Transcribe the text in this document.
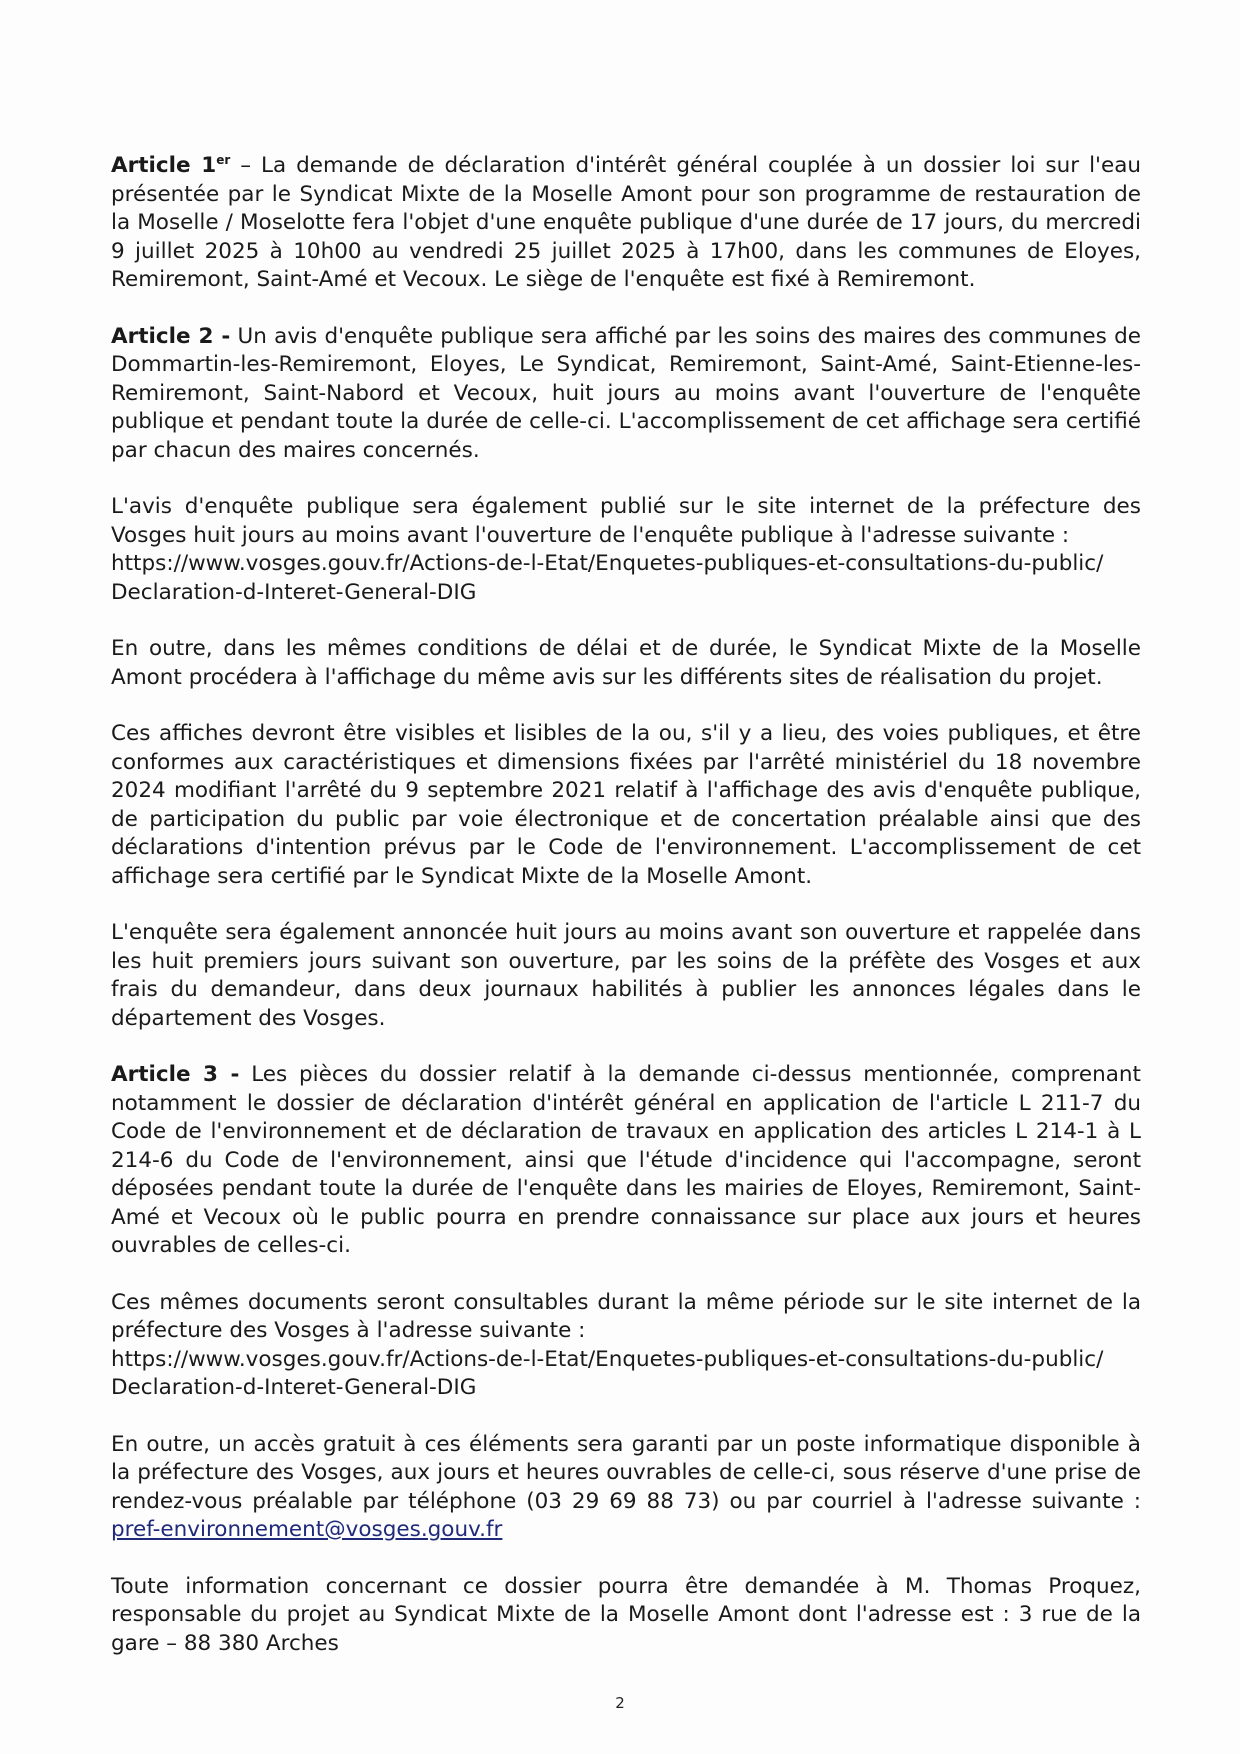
Article 1er – La demande de déclaration d'intérêt général couplée à un dossier loi sur l'eau présentée par le Syndicat Mixte de la Moselle Amont pour son programme de restauration de la Moselle / Moselotte fera l'objet d'une enquête publique d'une durée de 17 jours, du mercredi 9 juillet 2025 à 10h00 au vendredi 25 juillet 2025 à 17h00, dans les communes de Eloyes, Remiremont, Saint-Amé et Vecoux. Le siège de l'enquête est fixé à Remiremont.

Article 2 - Un avis d'enquête publique sera affiché par les soins des maires des communes de Dommartin-les-Remiremont, Eloyes, Le Syndicat, Remiremont, Saint-Amé, Saint-Etienne-les-Remiremont, Saint-Nabord et Vecoux, huit jours au moins avant l'ouverture de l'enquête publique et pendant toute la durée de celle-ci. L'accomplissement de cet affichage sera certifié par chacun des maires concernés.

L'avis d'enquête publique sera également publié sur le site internet de la préfecture des Vosges huit jours au moins avant l'ouverture de l'enquête publique à l'adresse suivante :
https://www.vosges.gouv.fr/Actions-de-l-Etat/Enquetes-publiques-et-consultations-du-public/
Declaration-d-Interet-General-DIG

En outre, dans les mêmes conditions de délai et de durée, le Syndicat Mixte de la Moselle Amont procédera à l'affichage du même avis sur les différents sites de réalisation du projet.

Ces affiches devront être visibles et lisibles de la ou, s'il y a lieu, des voies publiques, et être conformes aux caractéristiques et dimensions fixées par l'arrêté ministériel du 18 novembre 2024 modifiant l'arrêté du 9 septembre 2021 relatif à l'affichage des avis d'enquête publique, de participation du public par voie électronique et de concertation préalable ainsi que des déclarations d'intention prévus par le Code de l'environnement. L'accomplissement de cet affichage sera certifié par le Syndicat Mixte de la Moselle Amont.

L'enquête sera également annoncée huit jours au moins avant son ouverture et rappelée dans les huit premiers jours suivant son ouverture, par les soins de la préfète des Vosges et aux frais du demandeur, dans deux journaux habilités à publier les annonces légales dans le département des Vosges.

Article 3 - Les pièces du dossier relatif à la demande ci-dessus mentionnée, comprenant notamment le dossier de déclaration d'intérêt général en application de l'article L 211-7 du Code de l'environnement et de déclaration de travaux en application des articles L 214-1 à L 214-6 du Code de l'environnement, ainsi que l'étude d'incidence qui l'accompagne, seront déposées pendant toute la durée de l'enquête dans les mairies de Eloyes, Remiremont, Saint-Amé et Vecoux où le public pourra en prendre connaissance sur place aux jours et heures ouvrables de celles-ci.

Ces mêmes documents seront consultables durant la même période sur le site internet de la préfecture des Vosges à l'adresse suivante :
https://www.vosges.gouv.fr/Actions-de-l-Etat/Enquetes-publiques-et-consultations-du-public/
Declaration-d-Interet-General-DIG

En outre, un accès gratuit à ces éléments sera garanti par un poste informatique disponible à la préfecture des Vosges, aux jours et heures ouvrables de celle-ci, sous réserve d'une prise de rendez-vous préalable par téléphone (03 29 69 88 73) ou par courriel à l'adresse suivante : pref-environnement@vosges.gouv.fr

Toute information concernant ce dossier pourra être demandée à M. Thomas Proquez, responsable du projet au Syndicat Mixte de la Moselle Amont dont l'adresse est : 3 rue de la gare – 88 380 Arches

2
